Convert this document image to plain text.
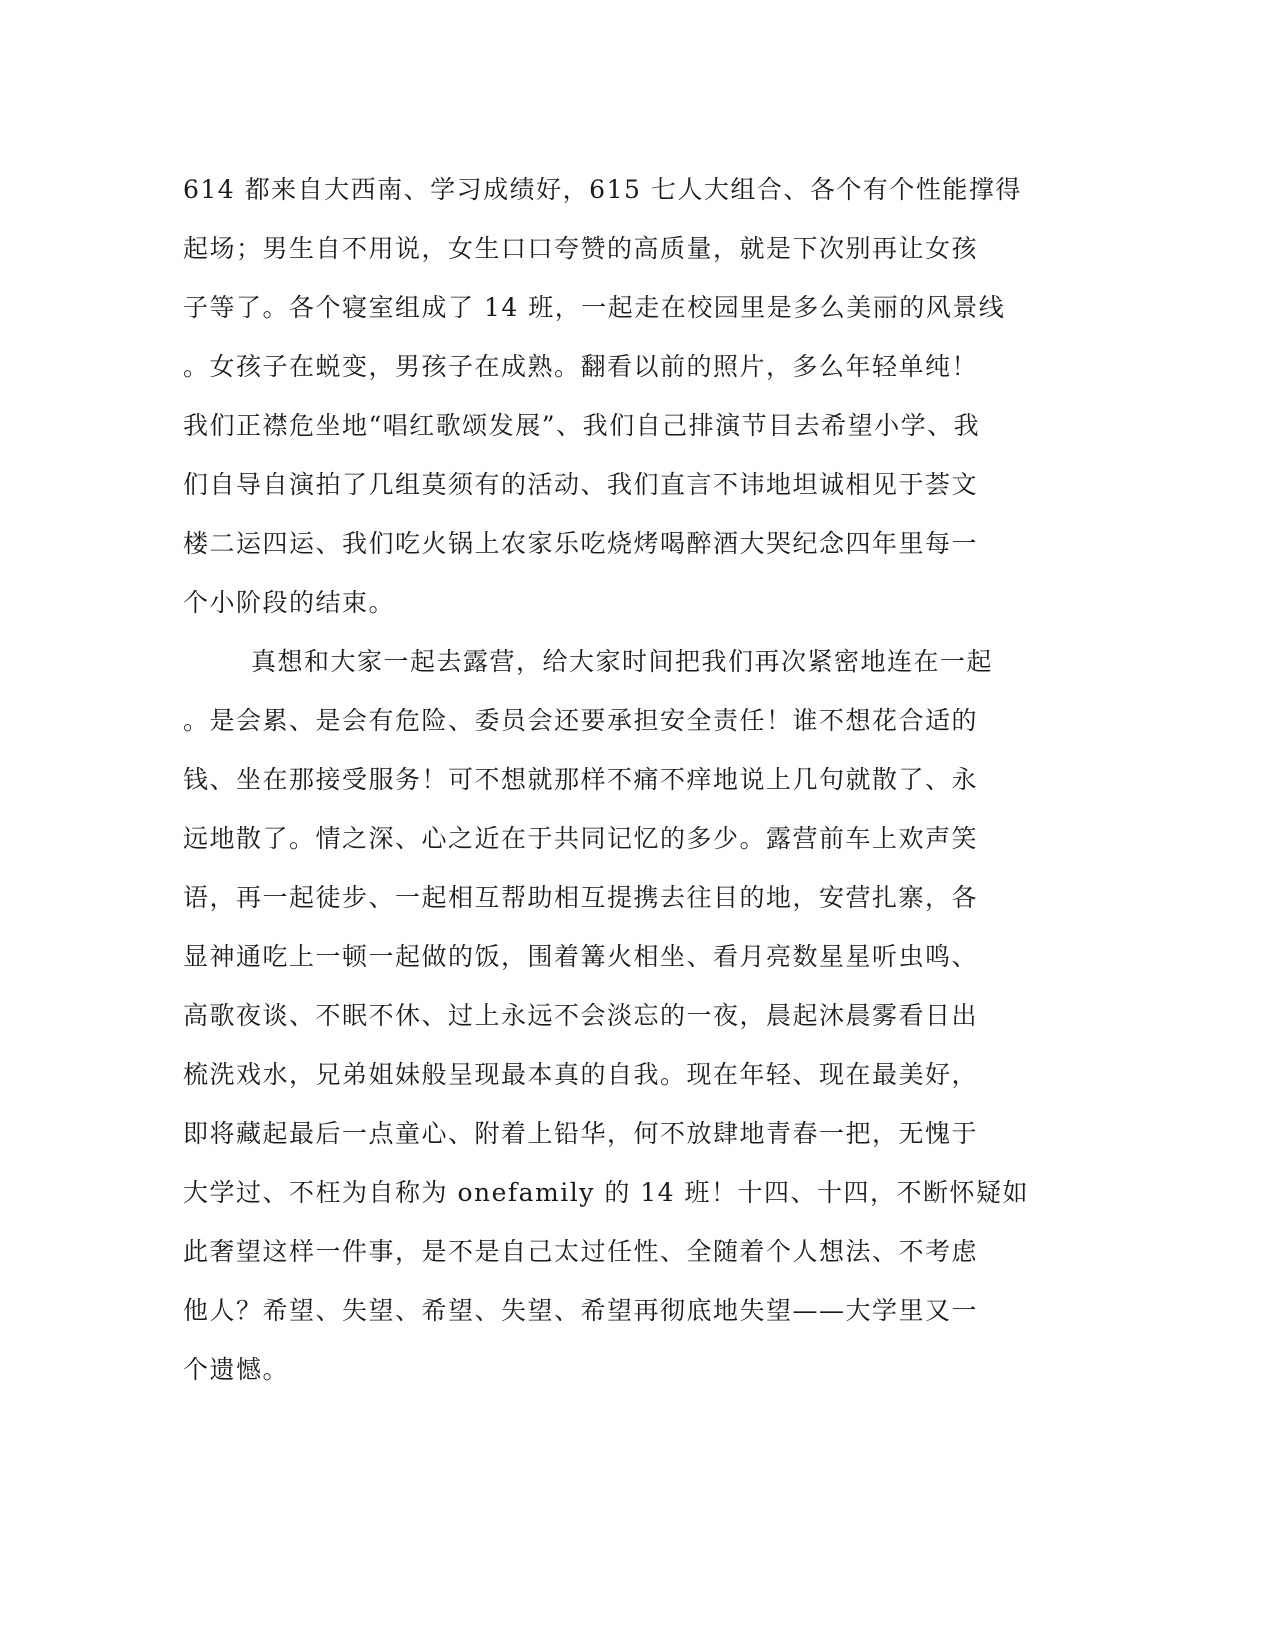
614 都来自大西南、学习成绩好，615 七人大组合、各个有个性能撑得
起场；男生自不用说，女生口口夸赞的高质量，就是下次别再让女孩
子等了。各个寝室组成了 14 班，一起走在校园里是多么美丽的风景线
。女孩子在蜕变，男孩子在成熟。翻看以前的照片，多么年轻单纯！
我们正襟危坐地“唱红歌颂发展”、我们自己排演节目去希望小学、我
们自导自演拍了几组莫须有的活动、我们直言不讳地坦诚相见于荟文
楼二运四运、我们吃火锅上农家乐吃烧烤喝醉酒大哭纪念四年里每一
个小阶段的结束。
真想和大家一起去露营，给大家时间把我们再次紧密地连在一起
。是会累、是会有危险、委员会还要承担安全责任！谁不想花合适的
钱、坐在那接受服务！可不想就那样不痛不痒地说上几句就散了、永
远地散了。情之深、心之近在于共同记忆的多少。露营前车上欢声笑
语，再一起徒步、一起相互帮助相互提携去往目的地，安营扎寨，各
显神通吃上一顿一起做的饭，围着篝火相坐、看月亮数星星听虫鸣、
高歌夜谈、不眠不休、过上永远不会淡忘的一夜，晨起沐晨雾看日出
梳洗戏水，兄弟姐妹般呈现最本真的自我。现在年轻、现在最美好，
即将藏起最后一点童心、附着上铅华，何不放肆地青春一把，无愧于
大学过、不枉为自称为 onefamily 的 14 班！十四、十四，不断怀疑如
此奢望这样一件事，是不是自己太过任性、全随着个人想法、不考虑
他人？希望、失望、希望、失望、希望再彻底地失望——大学里又一
个遗憾。
